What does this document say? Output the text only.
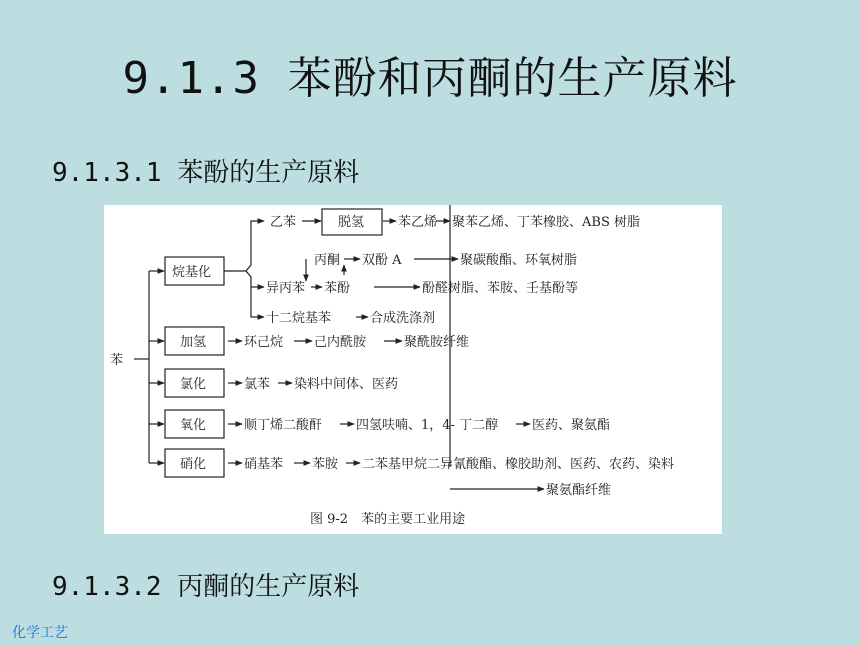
9.1.3 苯酚和丙酮的生产原料
9.1.3.1 苯酚的生产原料
苯
烷基化
加氢
氯化
氧化
硝化
脱氢
乙苯	苯乙烯 聚苯乙烯、丁苯橡胶、ABS 树脂
丙酮 双酚 A	聚碳酸酯、环氧树脂
异丙苯 苯酚	酚醛树脂、苯胺、壬基酚等
十二烷基苯	合成洗涤剂
环己烷 己内酰胺	聚酰胺纤维
氯苯 染料中间体、医药
顺丁烯二酸酐	四氢呋喃、1，4- 丁二醇	医药、聚氨酯
硝基苯 苯胺 二苯基甲烷二异氰酸酯、橡胶助剂、医药、农药、染料
聚氨酯纤维
图 9-2　苯的主要工业用途
9.1.3.2 丙酮的生产原料
化学工艺
